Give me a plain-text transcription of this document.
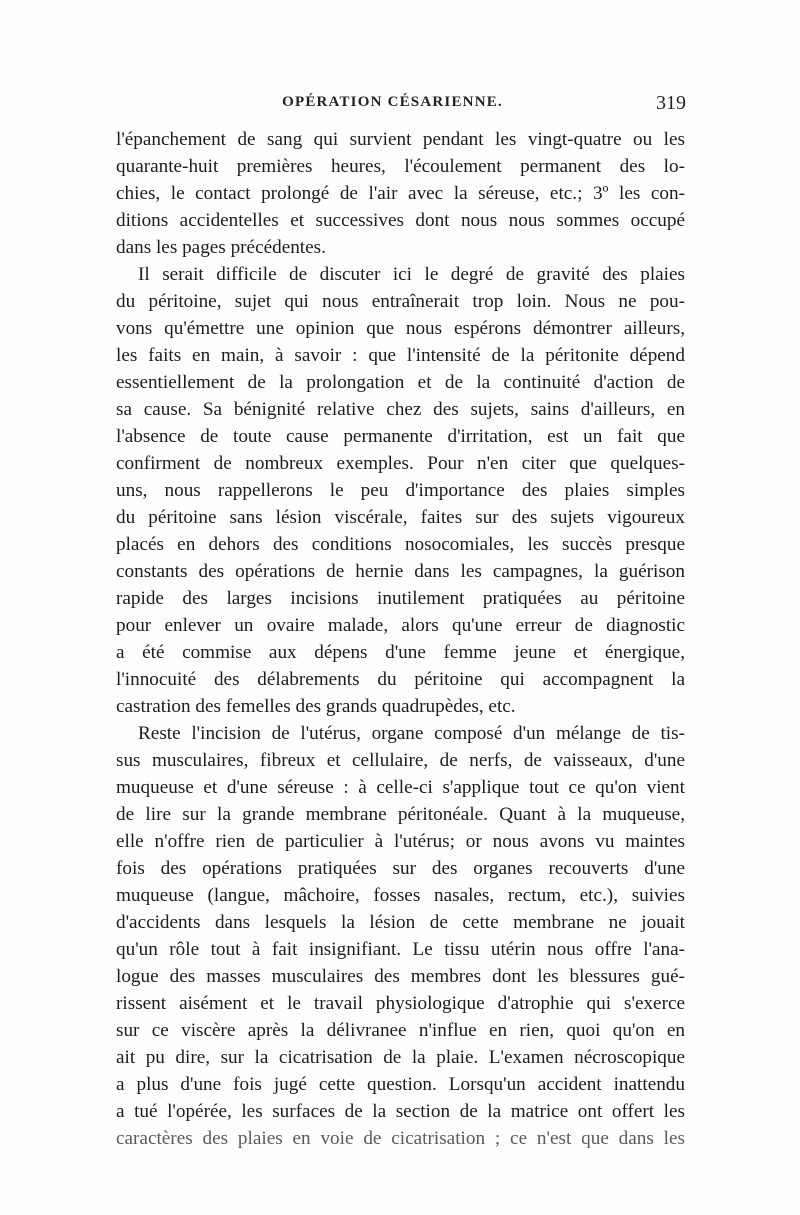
OPÉRATION CÉSARIENNE.	319
l'épanchement de sang qui survient pendant les vingt-quatre ou les
quarante-huit premières heures, l'écoulement permanent des lo-
chies, le contact prolongé de l'air avec la séreuse, etc.; 3º les con-
ditions accidentelles et successives dont nous nous sommes occupé
dans les pages précédentes.
Il serait difficile de discuter ici le degré de gravité des plaies
du péritoine, sujet qui nous entraînerait trop loin. Nous ne pou-
vons qu'émettre une opinion que nous espérons démontrer ailleurs,
les faits en main, à savoir : que l'intensité de la péritonite dépend
essentiellement de la prolongation et de la continuité d'action de
sa cause. Sa bénignité relative chez des sujets, sains d'ailleurs, en
l'absence de toute cause permanente d'irritation, est un fait que
confirment de nombreux exemples. Pour n'en citer que quelques-
uns, nous rappellerons le peu d'importance des plaies simples
du péritoine sans lésion viscérale, faites sur des sujets vigoureux
placés en dehors des conditions nosocomiales, les succès presque
constants des opérations de hernie dans les campagnes, la guérison
rapide des larges incisions inutilement pratiquées au péritoine
pour enlever un ovaire malade, alors qu'une erreur de diagnostic
a été commise aux dépens d'une femme jeune et énergique,
l'innocuité des délabrements du péritoine qui accompagnent la
castration des femelles des grands quadrupèdes, etc.
Reste l'incision de l'utérus, organe composé d'un mélange de tis-
sus musculaires, fibreux et cellulaire, de nerfs, de vaisseaux, d'une
muqueuse et d'une séreuse : à celle-ci s'applique tout ce qu'on vient
de lire sur la grande membrane péritonéale. Quant à la muqueuse,
elle n'offre rien de particulier à l'utérus; or nous avons vu maintes
fois des opérations pratiquées sur des organes recouverts d'une
muqueuse (langue, mâchoire, fosses nasales, rectum, etc.), suivies
d'accidents dans lesquels la lésion de cette membrane ne jouait
qu'un rôle tout à fait insignifiant. Le tissu utérin nous offre l'ana-
logue des masses musculaires des membres dont les blessures gué-
rissent aisément et le travail physiologique d'atrophie qui s'exerce
sur ce viscère après la délivranee n'influe en rien, quoi qu'on en
ait pu dire, sur la cicatrisation de la plaie. L'examen nécroscopique
a plus d'une fois jugé cette question. Lorsqu'un accident inattendu
a tué l'opérée, les surfaces de la section de la matrice ont offert les
caractères des plaies en voie de cicatrisation ; ce n'est que dans les
